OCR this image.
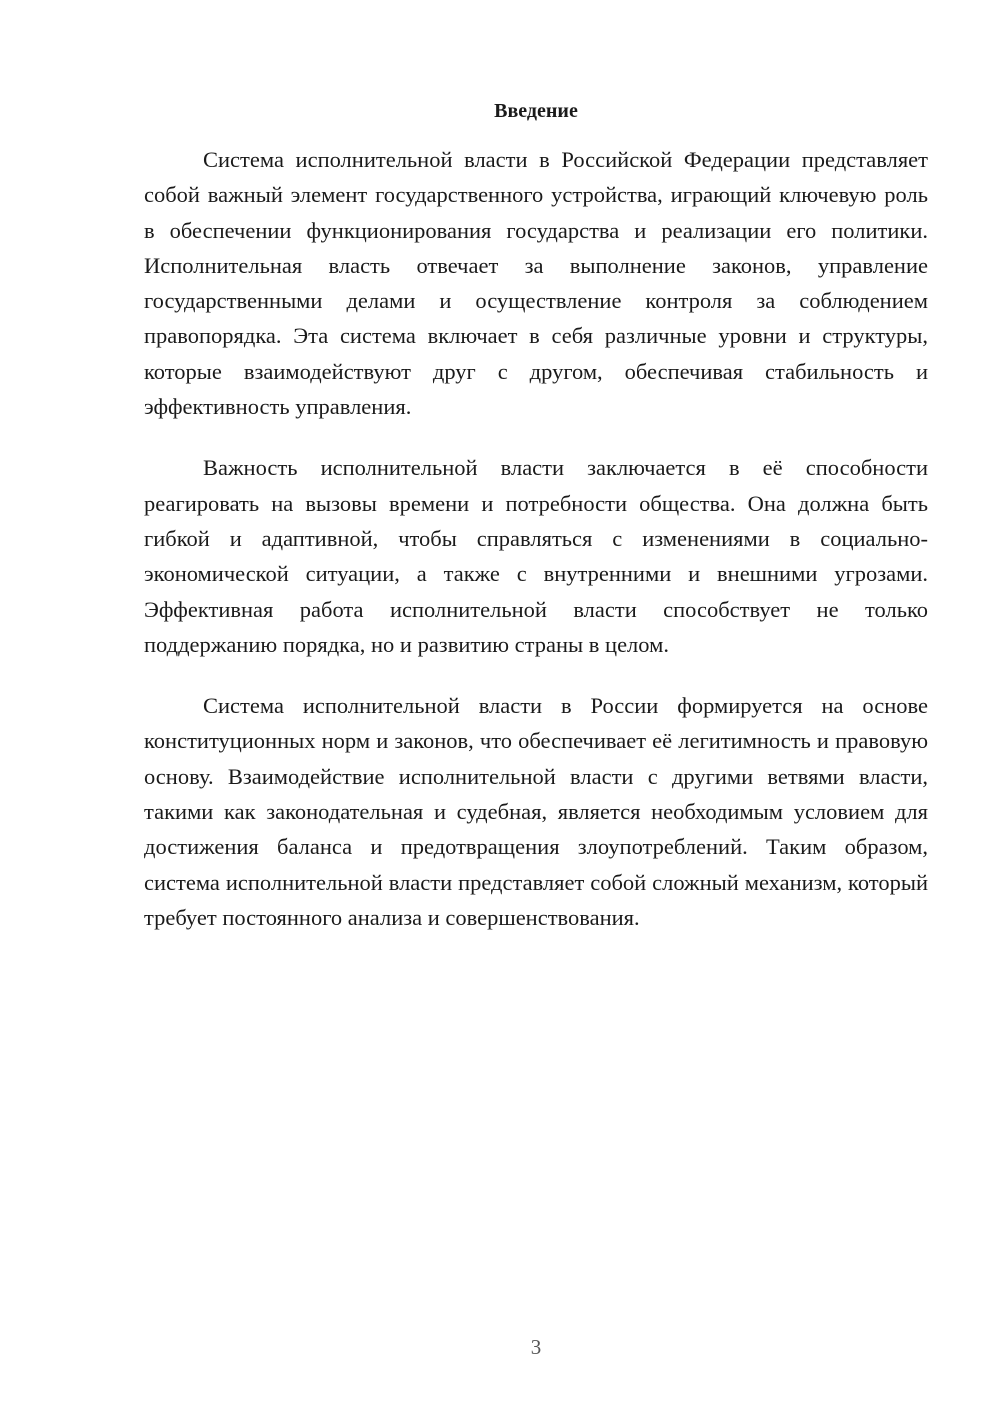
Введение

Система исполнительной власти в Российской Федерации представляет собой важный элемент государственного устройства, играющий ключевую роль в обеспечении функционирования государства и реализации его политики. Исполнительная власть отвечает за выполнение законов, управление государственными делами и осуществление контроля за соблюдением правопорядка. Эта система включает в себя различные уровни и структуры, которые взаимодействуют друг с другом, обеспечивая стабильность и эффективность управления.

Важность исполнительной власти заключается в её способности реагировать на вызовы времени и потребности общества. Она должна быть гибкой и адаптивной, чтобы справляться с изменениями в социально-экономической ситуации, а также с внутренними и внешними угрозами. Эффективная работа исполнительной власти способствует не только поддержанию порядка, но и развитию страны в целом.

Система исполнительной власти в России формируется на основе конституционных норм и законов, что обеспечивает её легитимность и правовую основу. Взаимодействие исполнительной власти с другими ветвями власти, такими как законодательная и судебная, является необходимым условием для достижения баланса и предотвращения злоупотреблений. Таким образом, система исполнительной власти представляет собой сложный механизм, который требует постоянного анализа и совершенствования.

3
